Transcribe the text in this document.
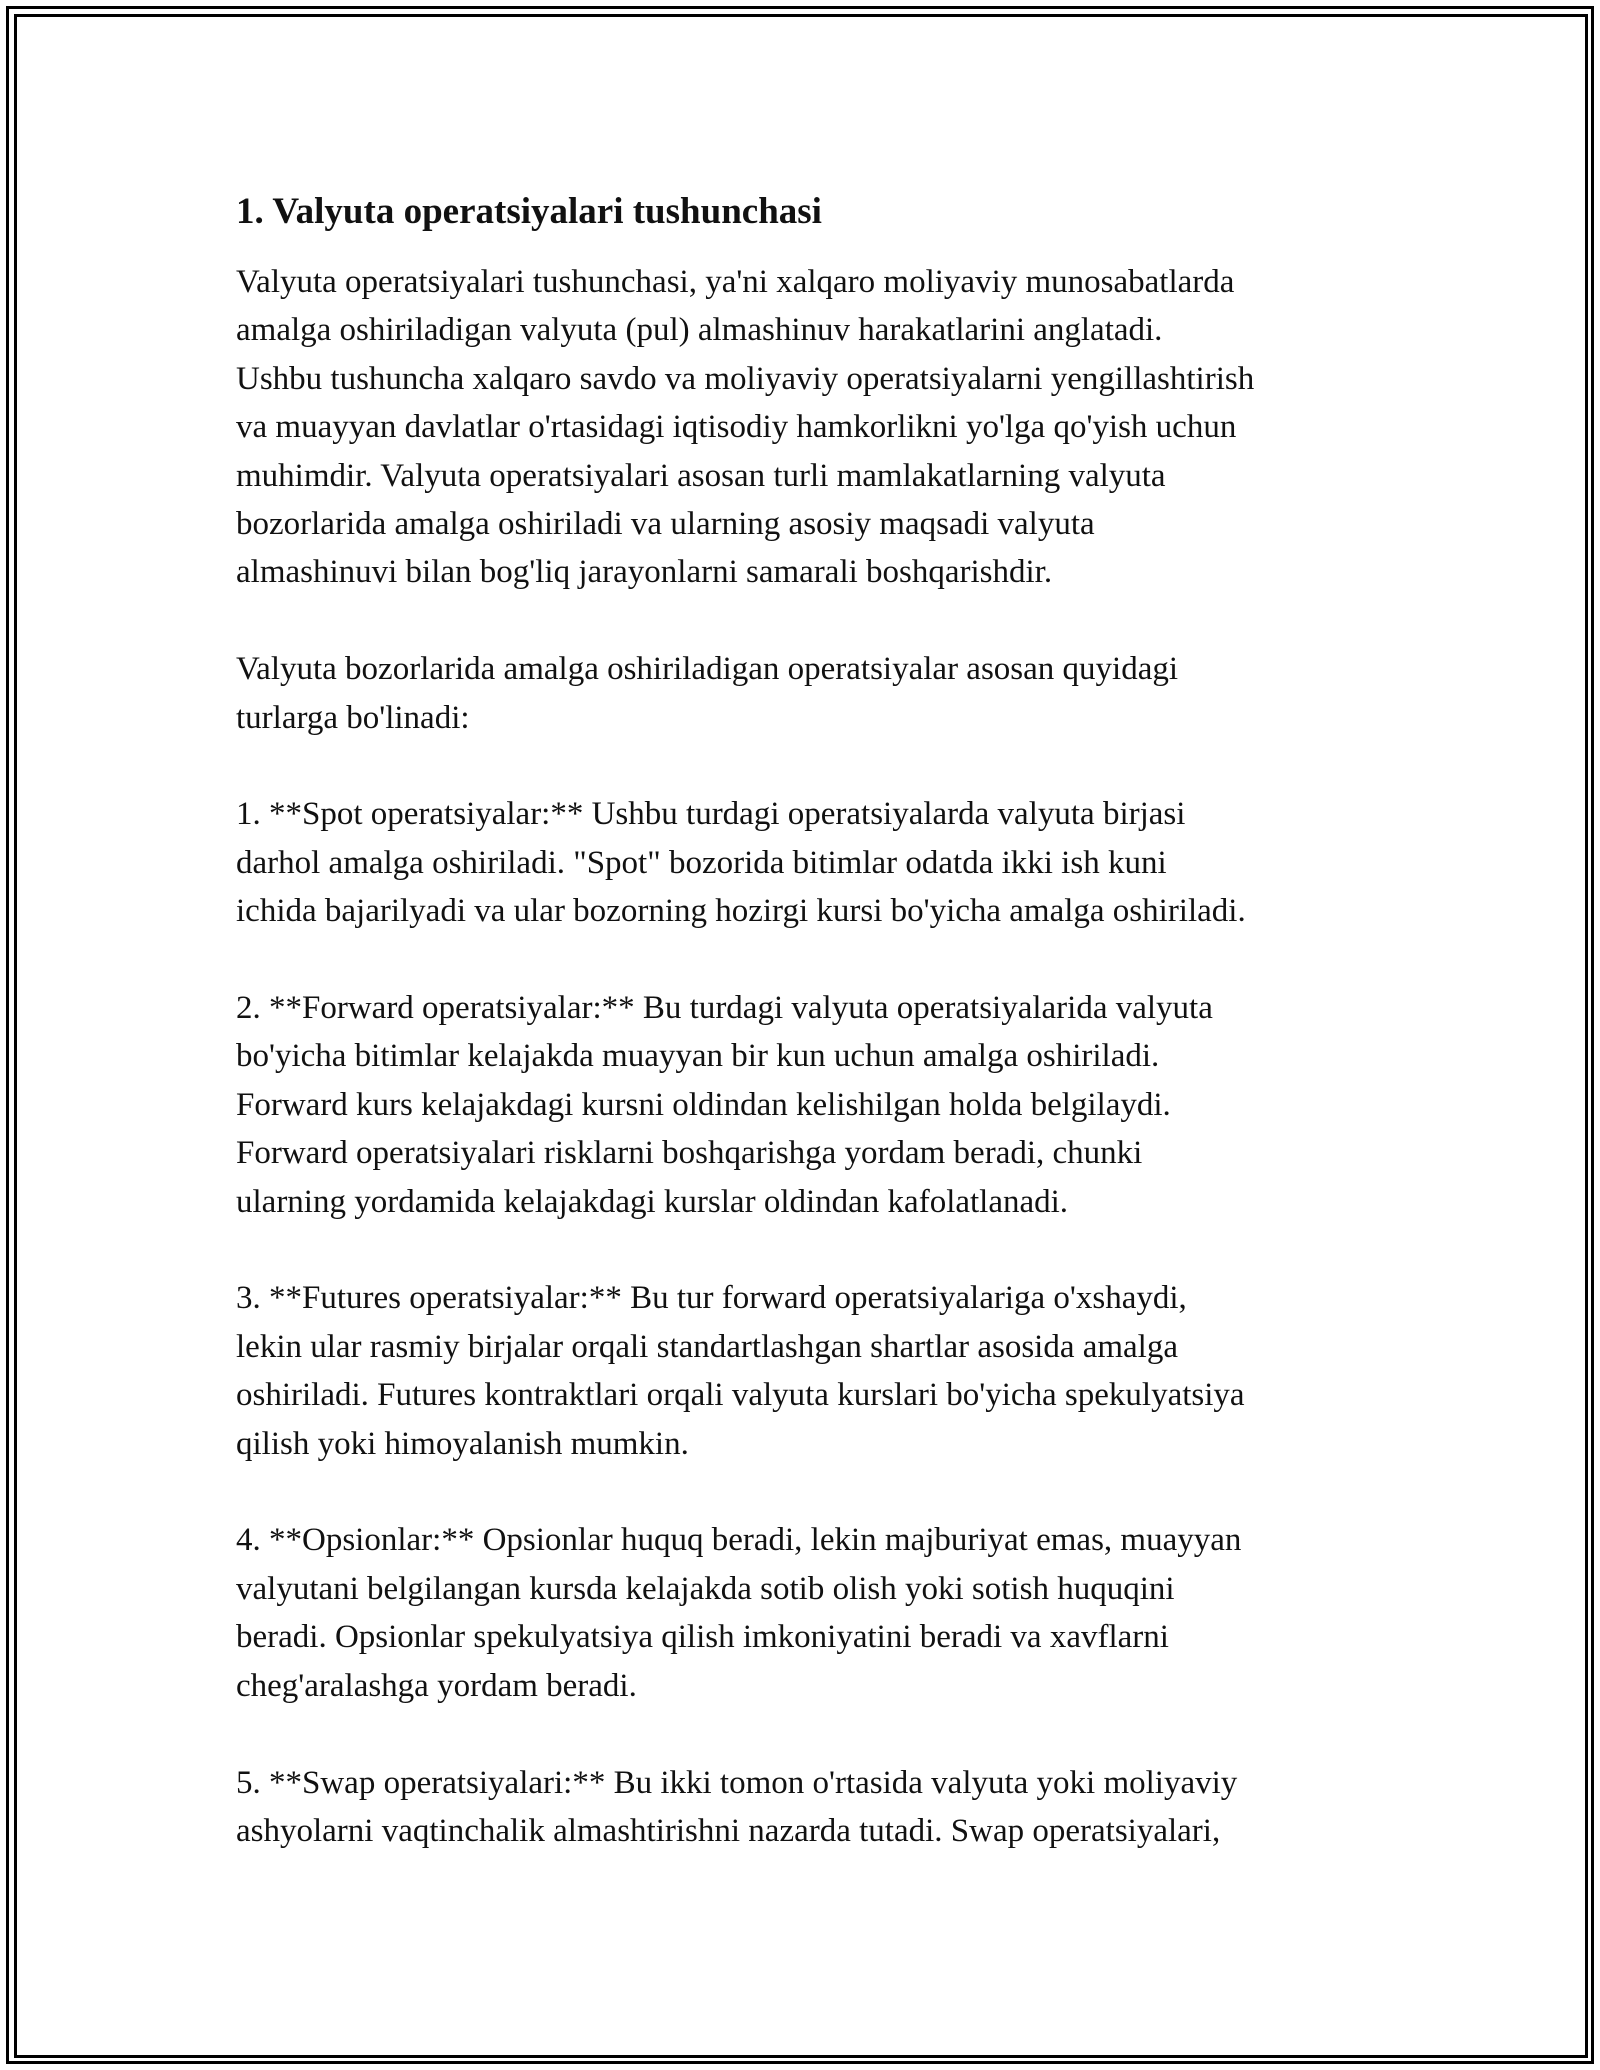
1. Valyuta operatsiyalari tushunchasi

Valyuta operatsiyalari tushunchasi, ya'ni xalqaro moliyaviy munosabatlarda
amalga oshiriladigan valyuta (pul) almashinuv harakatlarini anglatadi.
Ushbu tushuncha xalqaro savdo va moliyaviy operatsiyalarni yengillashtirish
va muayyan davlatlar o'rtasidagi iqtisodiy hamkorlikni yo'lga qo'yish uchun
muhimdir. Valyuta operatsiyalari asosan turli mamlakatlarning valyuta
bozorlarida amalga oshiriladi va ularning asosiy maqsadi valyuta
almashinuvi bilan bog'liq jarayonlarni samarali boshqarishdir.

Valyuta bozorlarida amalga oshiriladigan operatsiyalar asosan quyidagi
turlarga bo'linadi:

1. **Spot operatsiyalar:** Ushbu turdagi operatsiyalarda valyuta birjasi
darhol amalga oshiriladi. "Spot" bozorida bitimlar odatda ikki ish kuni
ichida bajarilyadi va ular bozorning hozirgi kursi bo'yicha amalga oshiriladi.

2. **Forward operatsiyalar:** Bu turdagi valyuta operatsiyalarida valyuta
bo'yicha bitimlar kelajakda muayyan bir kun uchun amalga oshiriladi.
Forward kurs kelajakdagi kursni oldindan kelishilgan holda belgilaydi.
Forward operatsiyalari risklarni boshqarishga yordam beradi, chunki
ularning yordamida kelajakdagi kurslar oldindan kafolatlanadi.

3. **Futures operatsiyalar:** Bu tur forward operatsiyalariga o'xshaydi,
lekin ular rasmiy birjalar orqali standartlashgan shartlar asosida amalga
oshiriladi. Futures kontraktlari orqali valyuta kurslari bo'yicha spekulyatsiya
qilish yoki himoyalanish mumkin.

4. **Opsionlar:** Opsionlar huquq beradi, lekin majburiyat emas, muayyan
valyutani belgilangan kursda kelajakda sotib olish yoki sotish huquqini
beradi. Opsionlar spekulyatsiya qilish imkoniyatini beradi va xavflarni
cheg'aralashga yordam beradi.

5. **Swap operatsiyalari:** Bu ikki tomon o'rtasida valyuta yoki moliyaviy
ashyolarni vaqtinchalik almashtirishni nazarda tutadi. Swap operatsiyalari,
